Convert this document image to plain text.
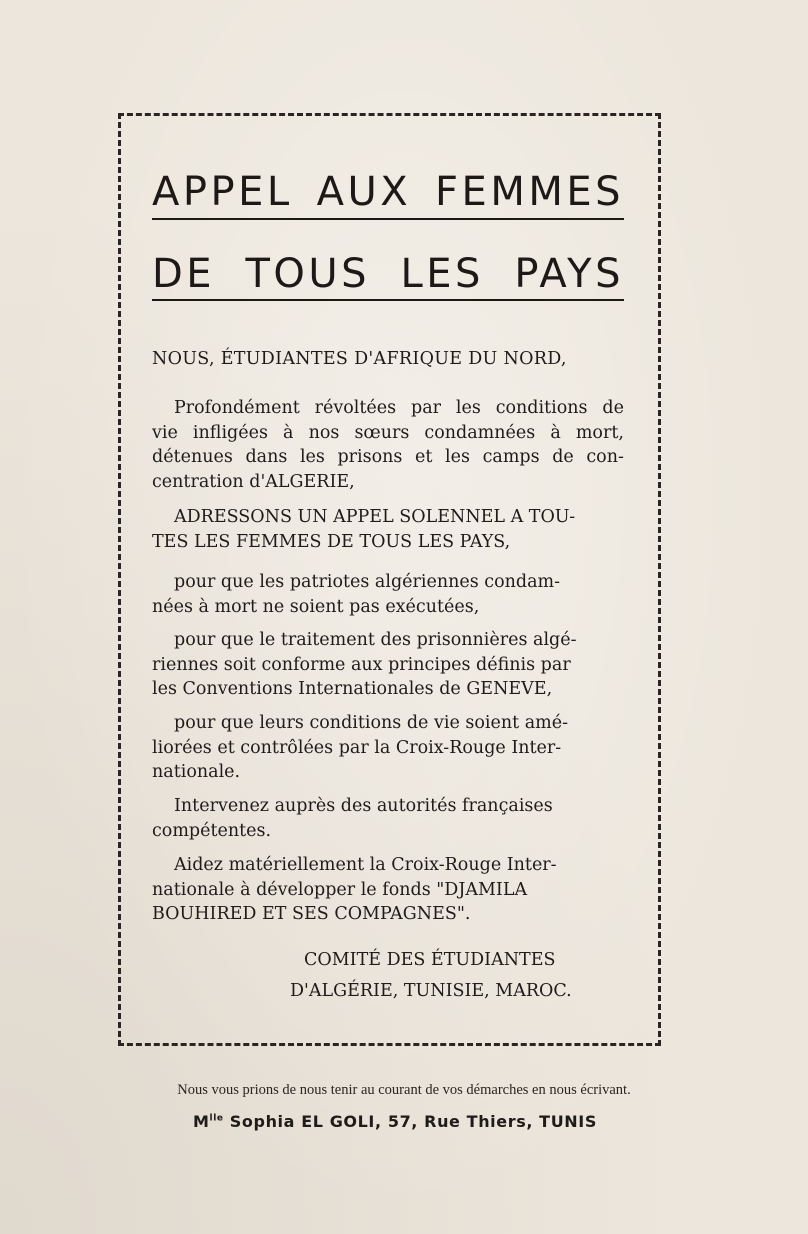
APPEL AUX FEMMES
DE TOUS LES PAYS
NOUS, ÉTUDIANTES D'AFRIQUE DU NORD,
Profondément révoltées par les conditions de
vie infligées à nos sœurs condamnées à mort,
détenues dans les prisons et les camps de con-
centration d'ALGERIE,
ADRESSONS UN APPEL SOLENNEL A TOU-
TES LES FEMMES DE TOUS LES PAYS,
pour que les patriotes algériennes condam-
nées à mort ne soient pas exécutées,
pour que le traitement des prisonnières algé-
riennes soit conforme aux principes définis par
les Conventions Internationales de GENEVE,
pour que leurs conditions de vie soient amé-
liorées et contrôlées par la Croix-Rouge Inter-
nationale.
Intervenez auprès des autorités françaises
compétentes.
Aidez matériellement la Croix-Rouge Inter-
nationale à développer le fonds "DJAMILA
BOUHIRED ET SES COMPAGNES".
COMITÉ DES ÉTUDIANTES
D'ALGÉRIE, TUNISIE, MAROC.
Nous vous prions de nous tenir au courant de vos démarches en nous écrivant.
$M^{lle}$ Sophia EL GOLI, 57, Rue Thiers, TUNIS
